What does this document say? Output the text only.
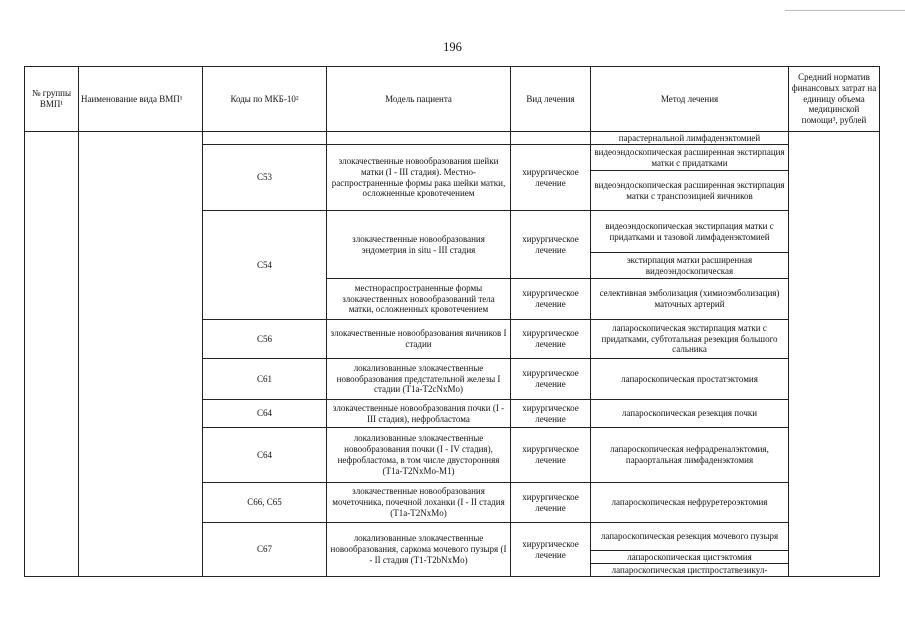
196
№ группы ВМП¹	Наименование вида ВМП¹	Коды по МКБ-10²	Модель пациента	Вид лечения	Метод лечения	Средний норматив финансовых затрат на единицу объема медицинской помощи³, рублей
					парастернальной лимфаденэктомией	
		C53	злокачественные новообразования шейки матки (I - III стадия). Местно-распространенные формы рака шейки матки, осложненные кровотечением	хирургическое лечение	видеоэндоскопическая расширенная экстирпация матки с придатками	
					видеоэндоскопическая расширенная экстирпация матки с транспозицией яичников	
		C54	злокачественные новообразования эндометрия in situ - III стадия	хирургическое лечение	видеоэндоскопическая экстирпация матки с придатками и тазовой лимфаденэктомией	
					экстирпация матки расширенная видеоэндоскопическая	
			местнораспространенные формы злокачественных новообразований тела матки, осложненных кровотечением	хирургическое лечение	селективная эмболизация (химиоэмболизация) маточных артерий	
		C56	злокачественные новообразования яичников I стадии	хирургическое лечение	лапароскопическая экстирпация матки с придатками, субтотальная резекция большого сальника	
		C61	локализованные злокачественные новообразования предстательной железы I стадии (T1a-T2cNxMo)	хирургическое лечение	лапароскопическая простатэктомия	
		C64	злокачественные новообразования почки (I - III стадия), нефробластома	хирургическое лечение	лапароскопическая резекция почки	
		C64	локализованные злокачественные новообразования почки (I - IV стадия), нефробластома, в том числе двусторонняя (T1a-T2NxMo-M1)	хирургическое лечение	лапароскопическая нефрадреналэктомия, параортальная лимфаденэктомия	
		C66, C65	злокачественные новообразования мочеточника, почечной лоханки (I - II стадия (T1a-T2NxMo)	хирургическое лечение	лапароскопическая нефруретероэктомия	
		C67	локализованные злокачественные новообразования, саркома мочевого пузыря (I - II стадия (T1-T2bNxMo)	хирургическое лечение	лапароскопическая резекция мочевого пузыря	
					лапароскопическая цистэктомия	
					лапароскопическая цистпростатвезикул-	
